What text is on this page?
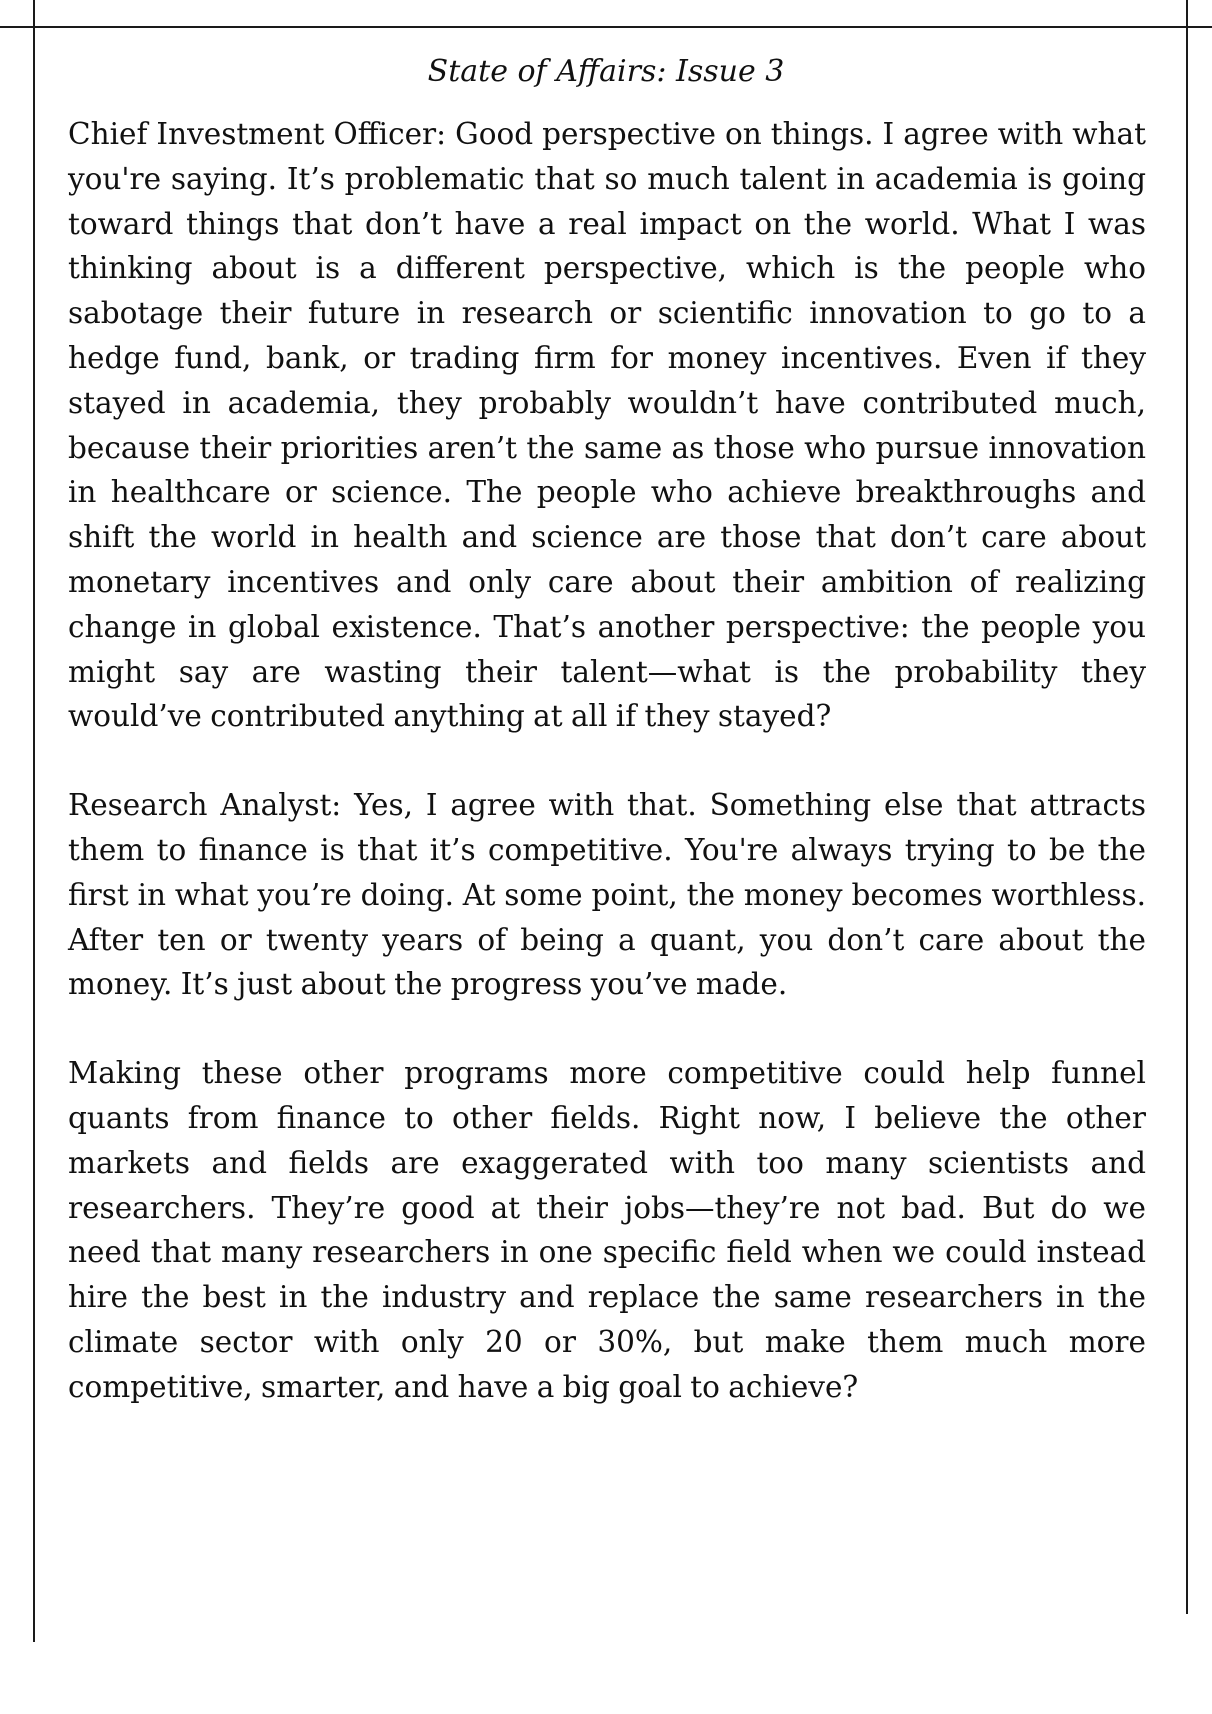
State of Affairs: Issue 3

Chief Investment Officer: Good perspective on things. I agree with what you're saying. It’s problematic that so much talent in academia is going toward things that don’t have a real impact on the world. What I was thinking about is a different perspective, which is the people who sabotage their future in research or scientific innovation to go to a hedge fund, bank, or trading firm for money incentives. Even if they stayed in academia, they probably wouldn’t have contributed much, because their priorities aren’t the same as those who pursue innovation in healthcare or science. The people who achieve breakthroughs and shift the world in health and science are those that don’t care about monetary incentives and only care about their ambition of realizing change in global existence. That’s another perspective: the people you might say are wasting their talent—what is the probability they would’ve contributed anything at all if they stayed?

Research Analyst: Yes, I agree with that. Something else that attracts them to finance is that it’s competitive. You're always trying to be the first in what you’re doing. At some point, the money becomes worthless. After ten or twenty years of being a quant, you don’t care about the money. It’s just about the progress you’ve made.

Making these other programs more competitive could help funnel quants from finance to other fields. Right now, I believe the other markets and fields are exaggerated with too many scientists and researchers. They’re good at their jobs—they’re not bad. But do we need that many researchers in one specific field when we could instead hire the best in the industry and replace the same researchers in the climate sector with only 20 or 30%, but make them much more competitive, smarter, and have a big goal to achieve?
